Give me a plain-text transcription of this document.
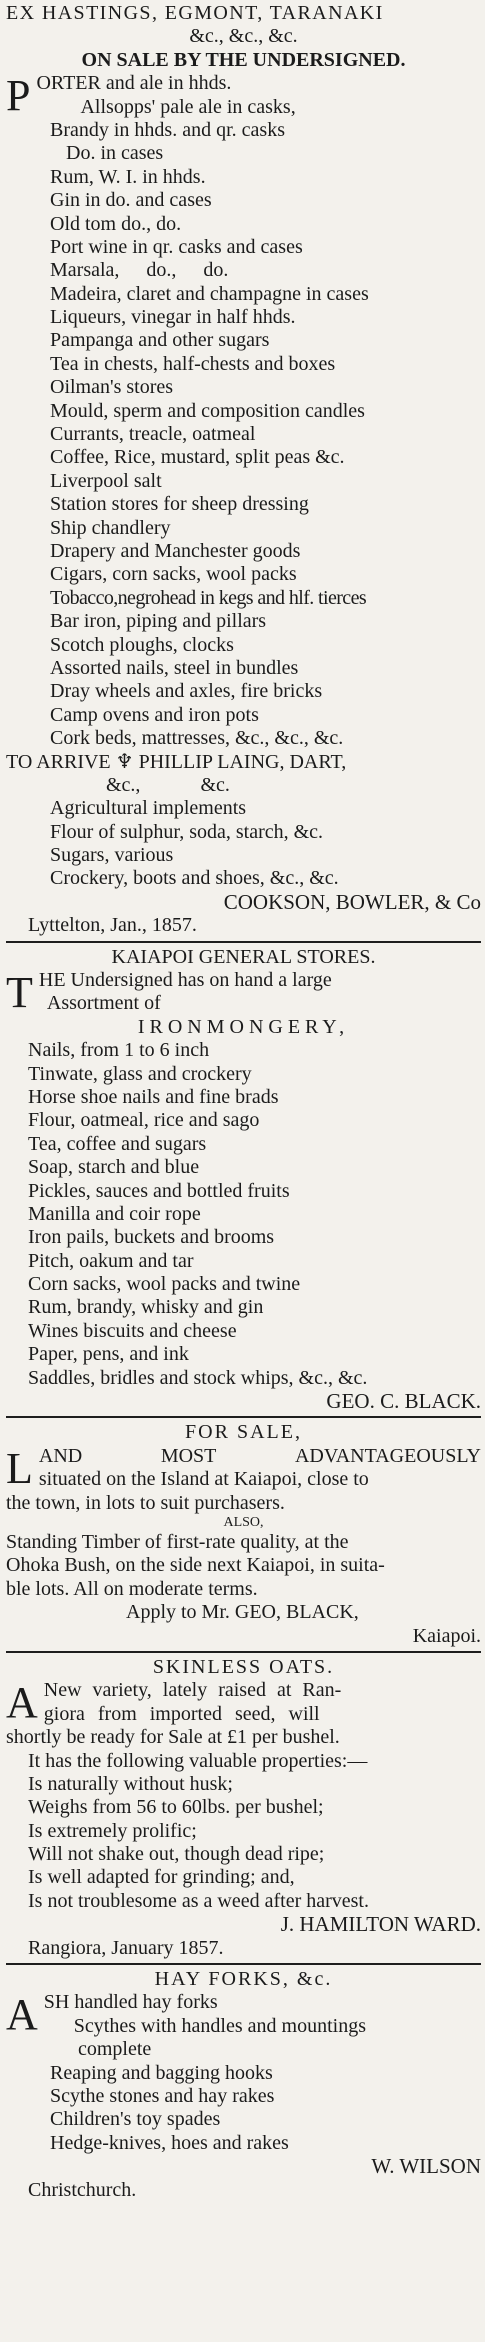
EX HASTINGS, EGMONT, TARANAKI
&c., &c., &c.
ON SALE BY THE UNDERSIGNED.
P ORTER and ale in hhds.
Allsopps' pale ale in casks,
Brandy in hhds. and qr. casks
Do. in cases
Rum, W. I. in hhds.
Gin in do. and cases
Old tom do., do.
Port wine in qr. casks and cases
Marsala, do., do.
Madeira, claret and champagne in cases
Liqueurs, vinegar in half hhds.
Pampanga and other sugars
Tea in chests, half-chests and boxes
Oilman's stores
Mould, sperm and composition candles
Currants, treacle, oatmeal
Coffee, Rice, mustard, split peas &c.
Liverpool salt
Station stores for sheep dressing
Ship chandlery
Drapery and Manchester goods
Cigars, corn sacks, wool packs
Tobacco,negrohead in kegs and hlf. tierces
Bar iron, piping and pillars
Scotch ploughs, clocks
Assorted nails, steel in bundles
Dray wheels and axles, fire bricks
Camp ovens and iron pots
Cork beds, mattresses, &c., &c., &c.
TO ARRIVE ♆ PHILLIP LAING, DART,
&c.,	&c.
Agricultural implements
Flour of sulphur, soda, starch, &c.
Sugars, various
Crockery, boots and shoes, &c., &c.
COOKSON, BOWLER, & Co
Lyttelton, Jan., 1857.
KAIAPOI GENERAL STORES.
T HE Undersigned has on hand a large
Assortment of
IRONMONGERY,
Nails, from 1 to 6 inch
Tinwate, glass and crockery
Horse shoe nails and fine brads
Flour, oatmeal, rice and sago
Tea, coffee and sugars
Soap, starch and blue
Pickles, sauces and bottled fruits
Manilla and coir rope
Iron pails, buckets and brooms
Pitch, oakum and tar
Corn sacks, wool packs and twine
Rum, brandy, whisky and gin
Wines biscuits and cheese
Paper, pens, and ink
Saddles, bridles and stock whips, &c., &c.
GEO. C. BLACK.
FOR SALE,
L AND	MOST	ADVANTAGEOUSLY
situated on the Island at Kaiapoi, close to
the town, in lots to suit purchasers.
ALSO,
Standing Timber of first-rate quality, at the
Ohoka Bush, on the side next Kaiapoi, in suita-
ble lots. All on moderate terms.
Apply to Mr. GEO, BLACK,
Kaiapoi.
SKINLESS OATS.
A New variety, lately raised at Ran-
giora from imported seed, will
shortly be ready for Sale at £1 per bushel.
It has the following valuable properties:—
Is naturally without husk;
Weighs from 56 to 60lbs. per bushel;
Is extremely prolific;
Will not shake out, though dead ripe;
Is well adapted for grinding; and,
Is not troublesome as a weed after harvest.
J. HAMILTON WARD.
Rangiora, January 1857.
HAY FORKS, &c.
A SH handled hay forks
Scythes with handles and mountings
complete
Reaping and bagging hooks
Scythe stones and hay rakes
Children's toy spades
Hedge-knives, hoes and rakes
W. WILSON
Christchurch.
